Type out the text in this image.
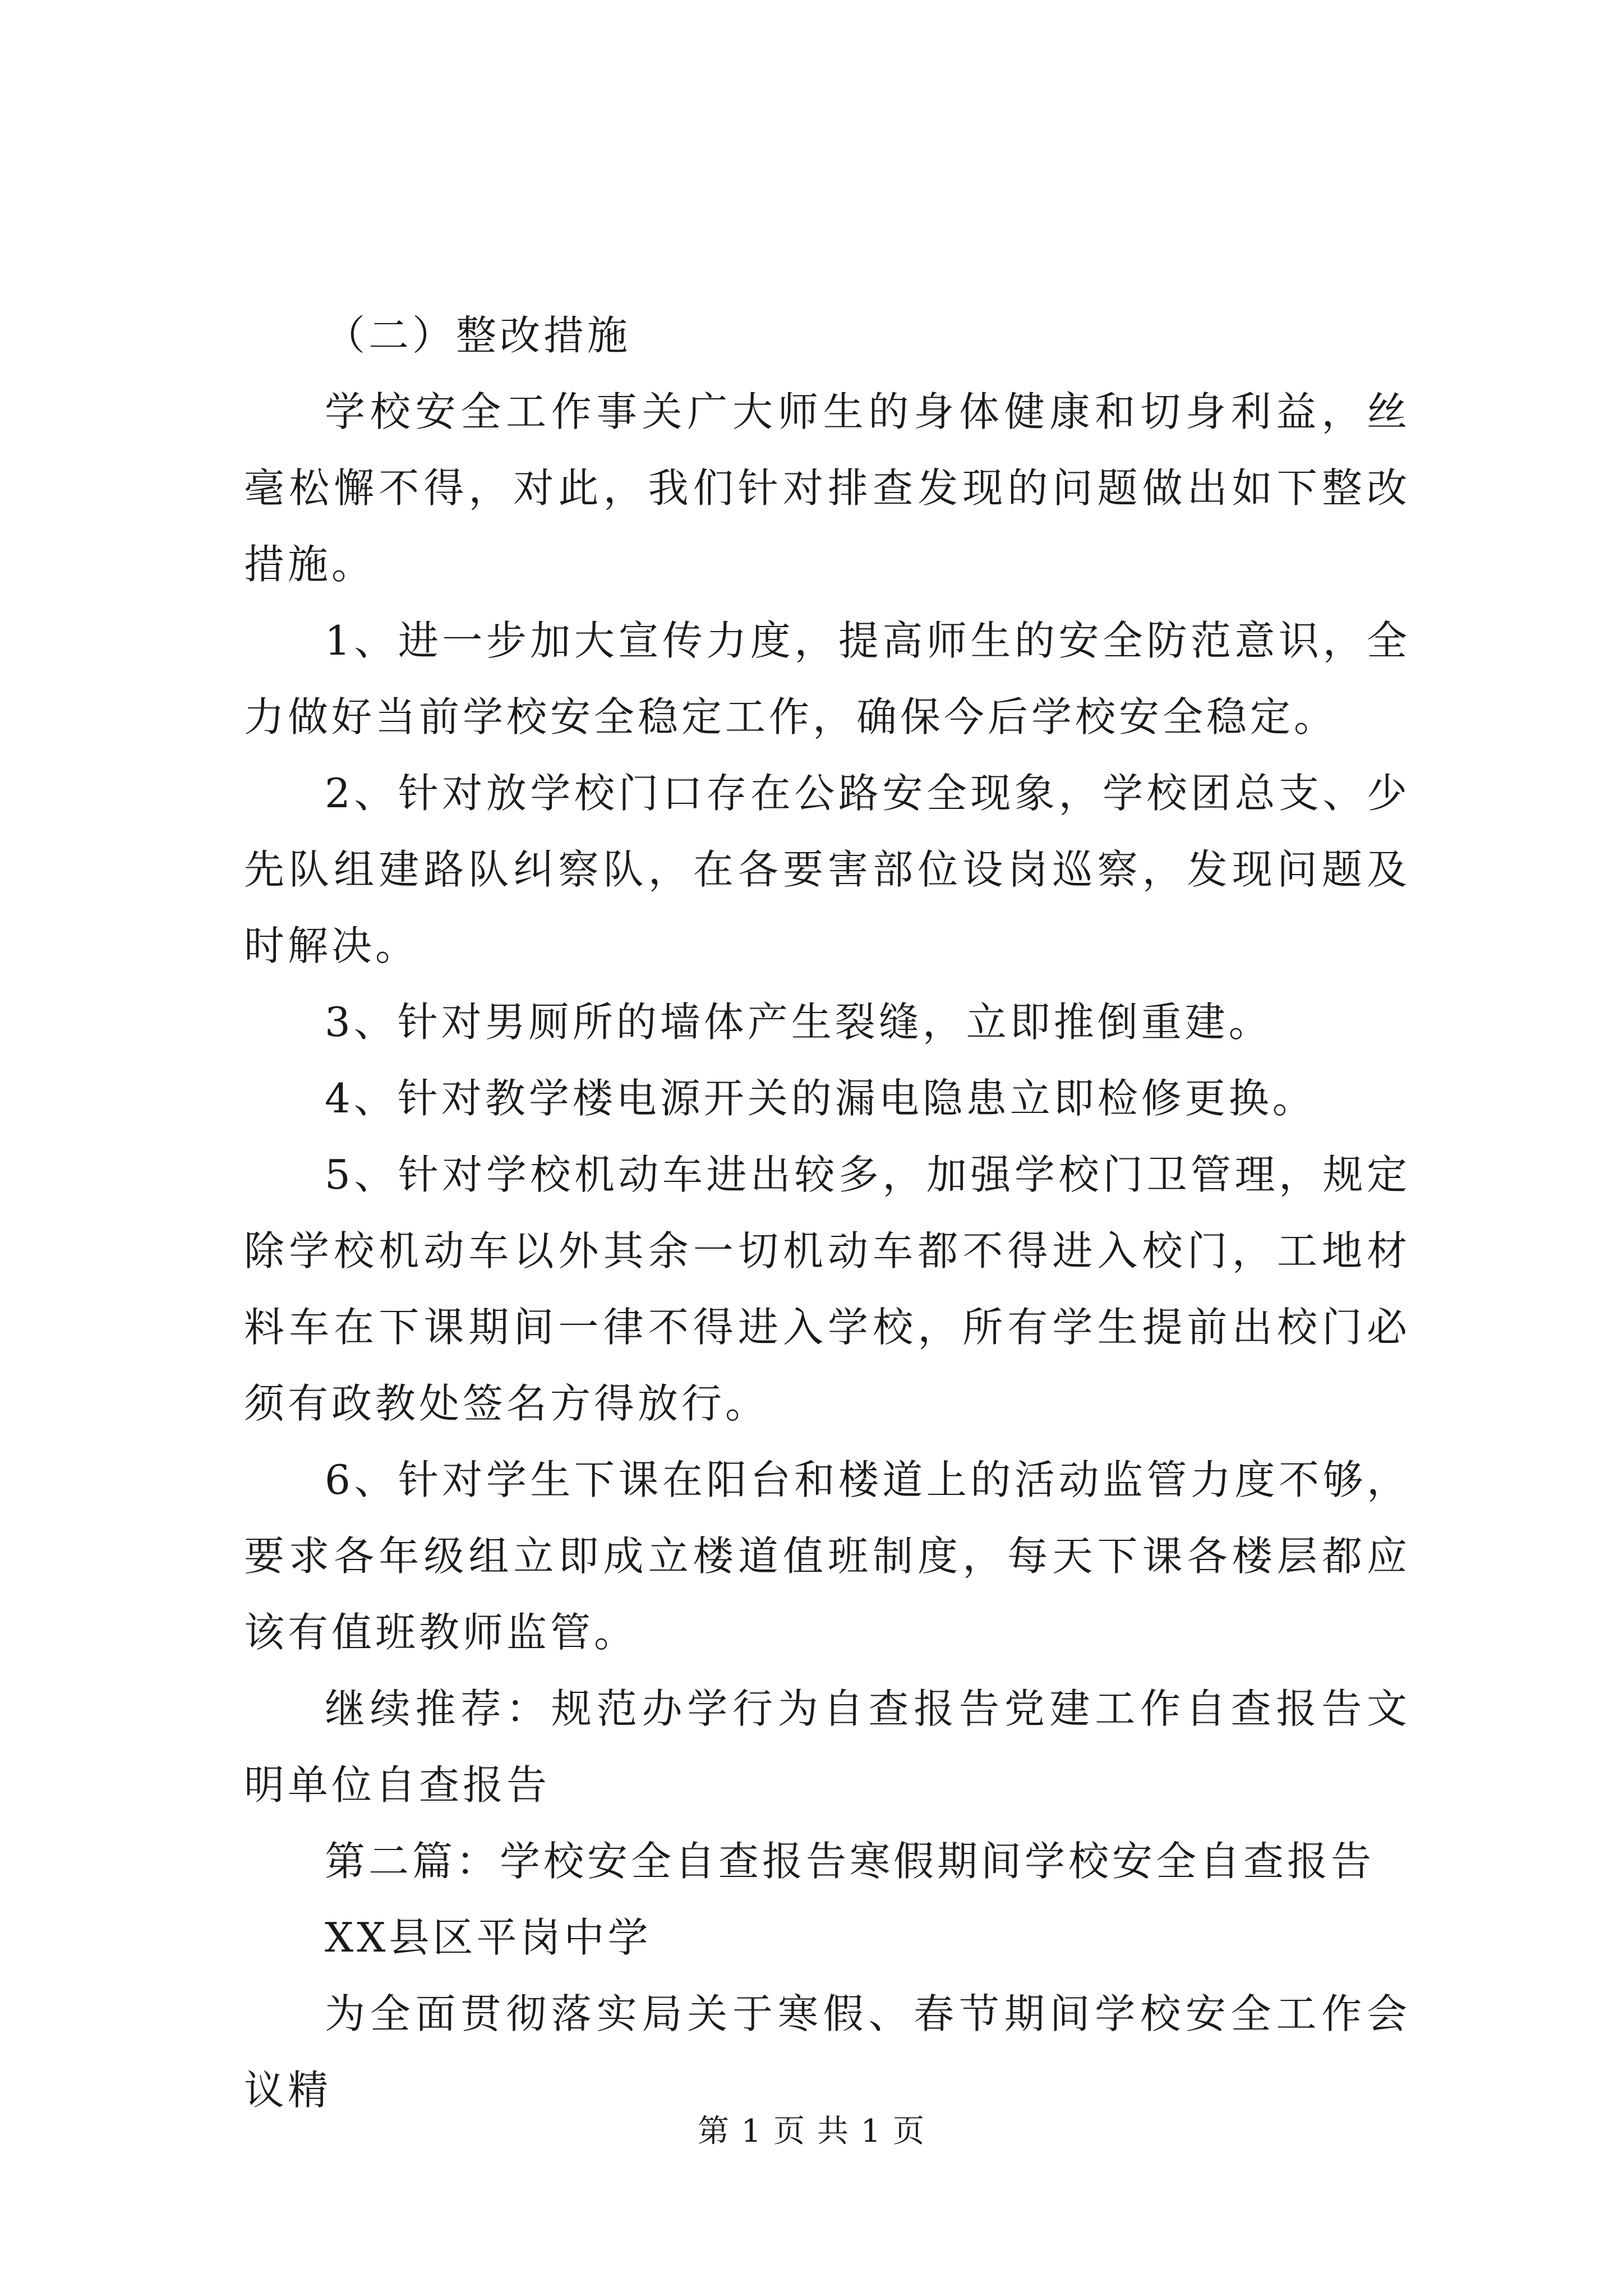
（二）整改措施

学校安全工作事关广大师生的身体健康和切身利益，丝毫松懈不得，对此，我们针对排查发现的问题做出如下整改措施。

1、进一步加大宣传力度，提高师生的安全防范意识，全力做好当前学校安全稳定工作，确保今后学校安全稳定。

2、针对放学校门口存在公路安全现象，学校团总支、少先队组建路队纠察队，在各要害部位设岗巡察，发现问题及时解决。

3、针对男厕所的墙体产生裂缝，立即推倒重建。

4、针对教学楼电源开关的漏电隐患立即检修更换。

5、针对学校机动车进出较多，加强学校门卫管理，规定除学校机动车以外其余一切机动车都不得进入校门，工地材料车在下课期间一律不得进入学校，所有学生提前出校门必须有政教处签名方得放行。

6、针对学生下课在阳台和楼道上的活动监管力度不够，要求各年级组立即成立楼道值班制度，每天下课各楼层都应该有值班教师监管。

继续推荐：规范办学行为自查报告党建工作自查报告文明单位自查报告

第二篇：学校安全自查报告寒假期间学校安全自查报告

XX县区平岗中学

为全面贯彻落实局关于寒假、春节期间学校安全工作会议精

第 1 页 共 1 页
